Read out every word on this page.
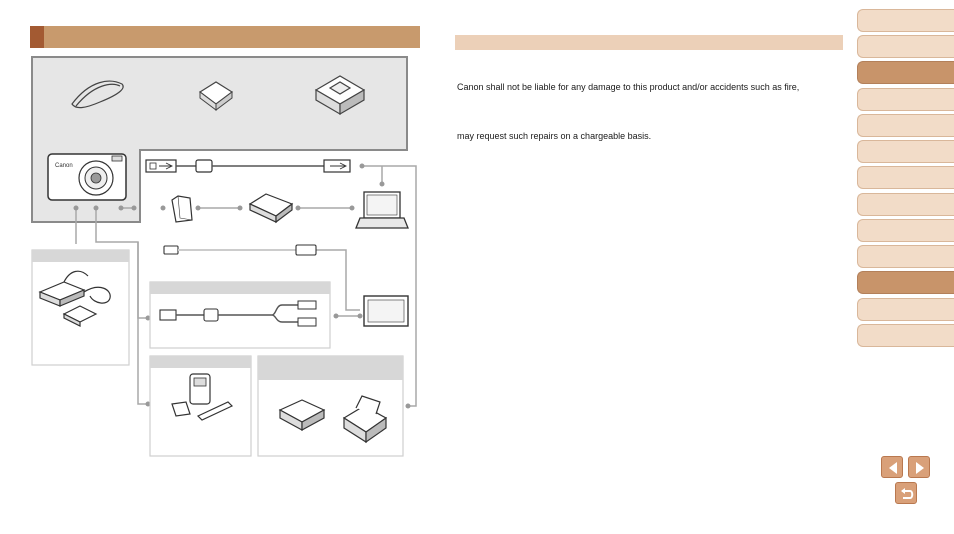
Canon
Canon shall not be liable for any damage to this product and/or accidents such as fire,
may request such repairs on a chargeable basis.
